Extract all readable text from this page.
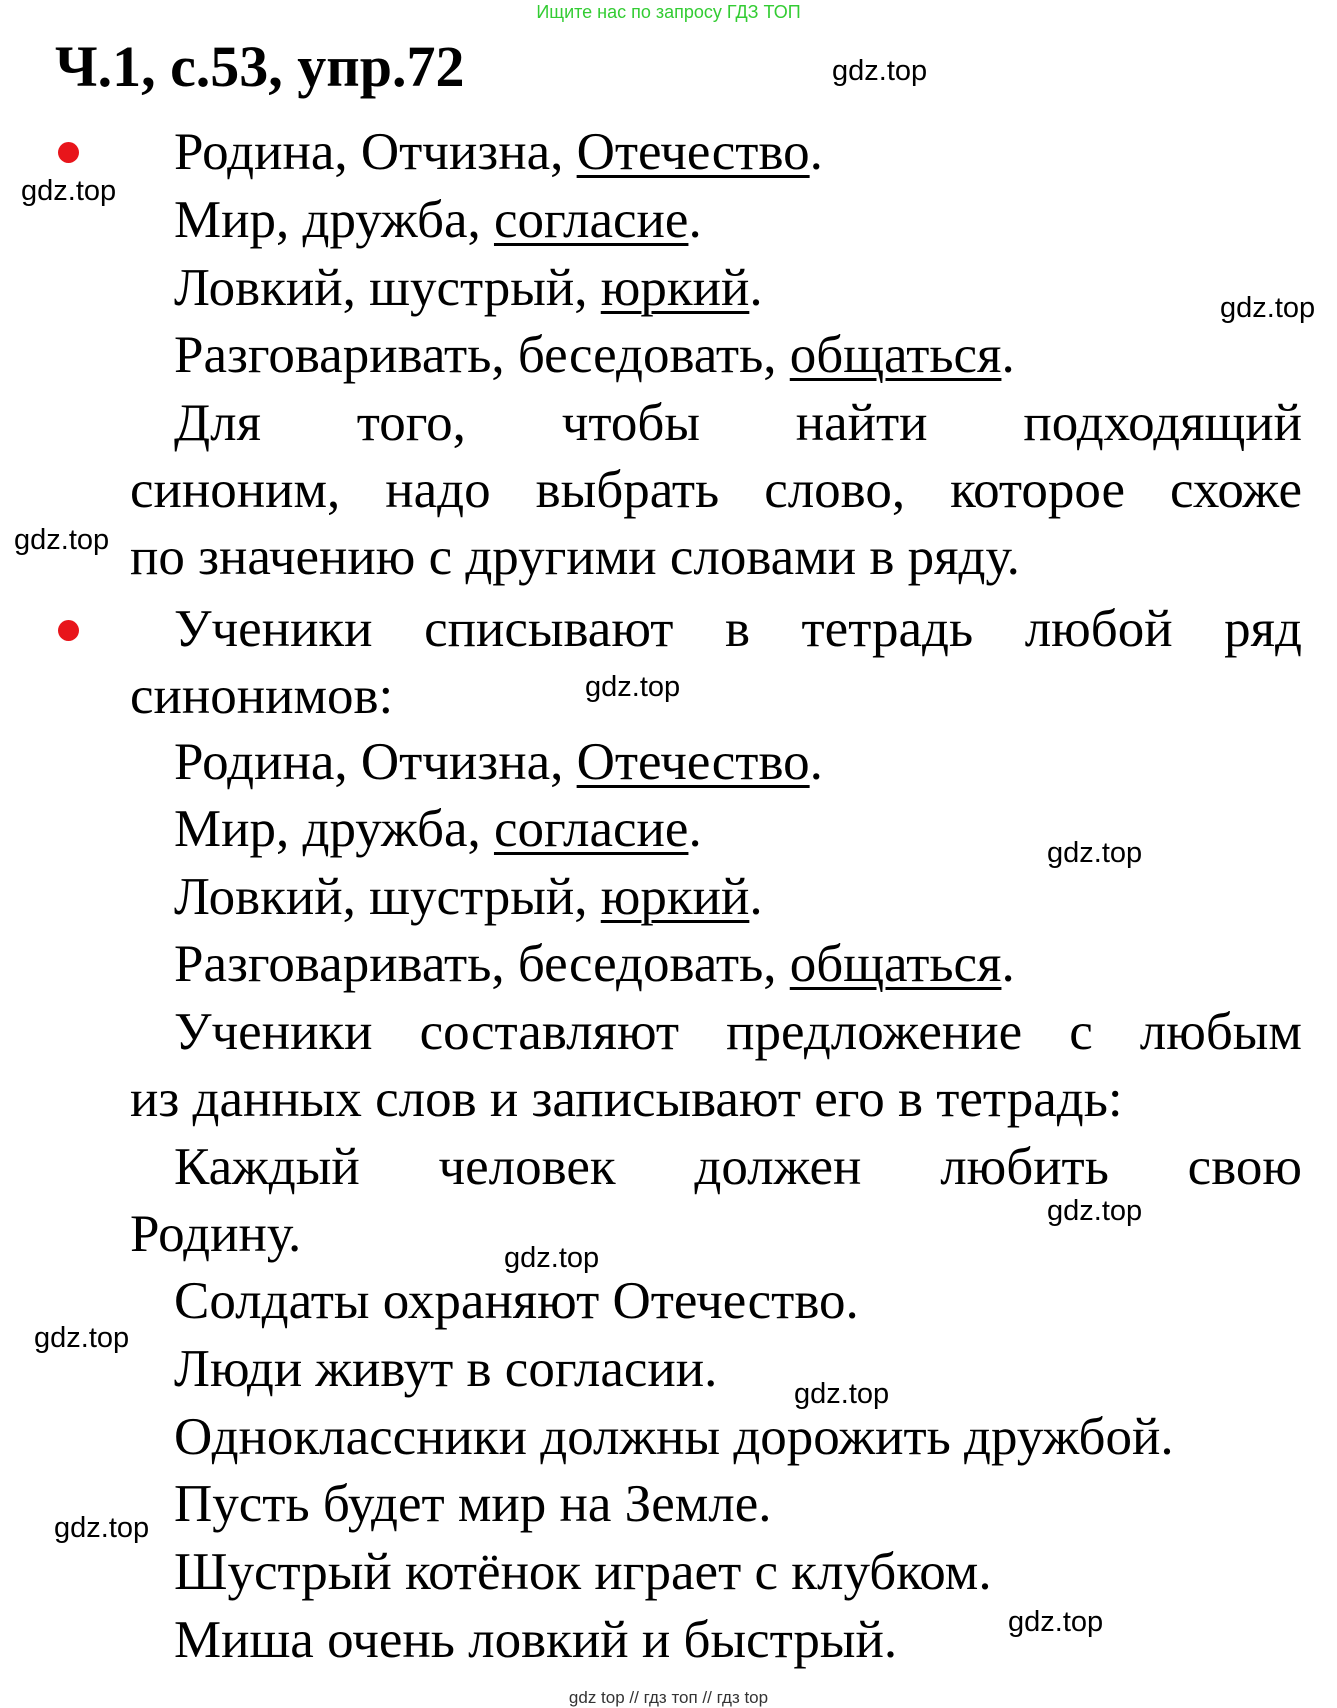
Ищите нас по запросу ГДЗ ТОП
Ч.1, с.53, упр.72	gdz.top
gdz.top
gdz.top
gdz.top
gdz.top
gdz.top
gdz.top
gdz.top
gdz.top
gdz.top
gdz.top
gdz.top
Родина, Отчизна, Отечество.
Мир, дружба, согласие.
Ловкий, шустрый, юркий.
Разговаривать, беседовать, общаться.
Для того, чтобы найти подходящий
синоним, надо выбрать слово, которое схоже
по значению с другими словами в ряду.
Ученики списывают в тетрадь любой ряд
синонимов:
Родина, Отчизна, Отечество.
Мир, дружба, согласие.
Ловкий, шустрый, юркий.
Разговаривать, беседовать, общаться.
Ученики составляют предложение с любым
из данных слов и записывают его в тетрадь:
Каждый человек должен любить свою
Родину.
Солдаты охраняют Отечество.
Люди живут в согласии.
Одноклассники должны дорожить дружбой.
Пусть будет мир на Земле.
Шустрый котёнок играет с клубком.
Миша очень ловкий и быстрый.
gdz top // гдз топ // гдз top
